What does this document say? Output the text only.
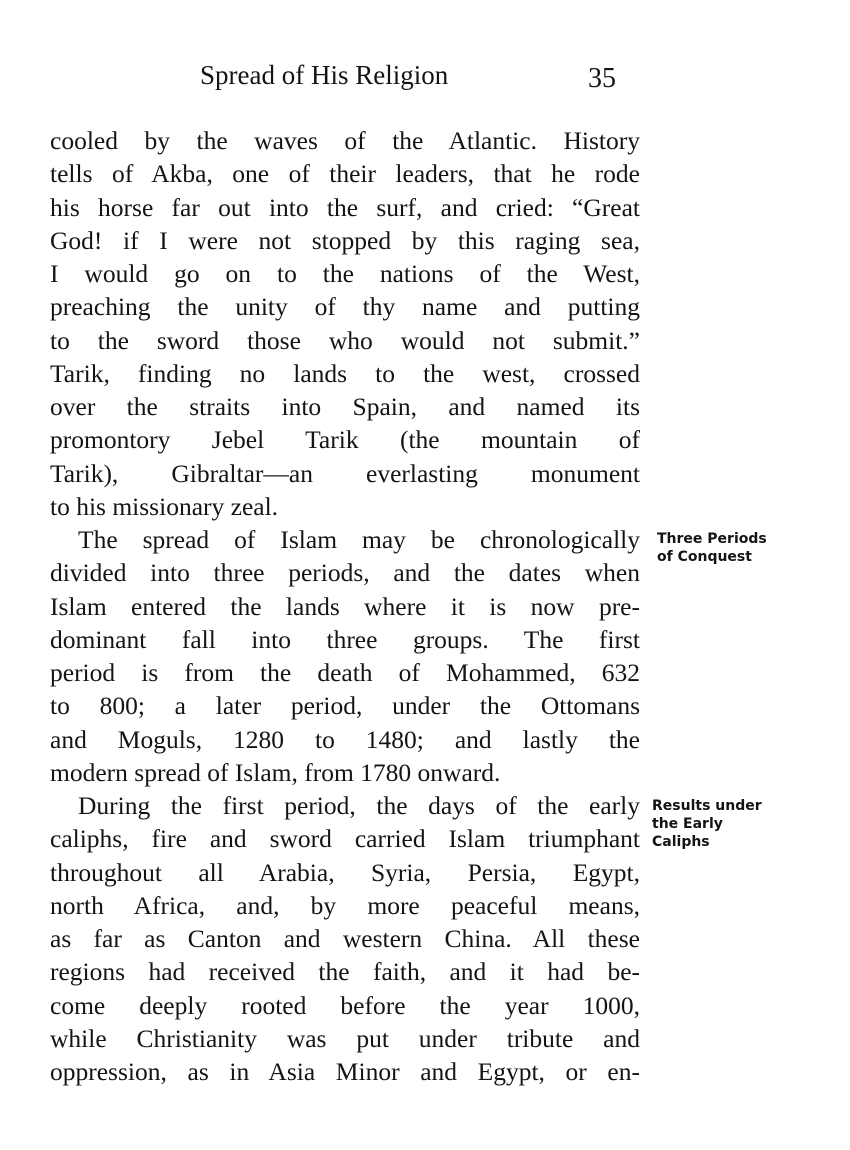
Spread of His Religion	35
cooled by the waves of the Atlantic. History
tells of Akba, one of their leaders, that he rode
his horse far out into the surf, and cried: “Great
God! if I were not stopped by this raging sea,
I would go on to the nations of the West,
preaching the unity of thy name and putting
to the sword those who would not submit.”
Tarik, finding no lands to the west, crossed
over the straits into Spain, and named its
promontory Jebel Tarik (the mountain of
Tarik), Gibraltar—an everlasting monument
to his missionary zeal.
The spread of Islam may be chronologically
divided into three periods, and the dates when
Islam entered the lands where it is now pre-
dominant fall into three groups. The first
period is from the death of Mohammed, 632
to 800; a later period, under the Ottomans
and Moguls, 1280 to 1480; and lastly the
modern spread of Islam, from 1780 onward.
During the first period, the days of the early
caliphs, fire and sword carried Islam triumphant
throughout all Arabia, Syria, Persia, Egypt,
north Africa, and, by more peaceful means,
as far as Canton and western China. All these
regions had received the faith, and it had be-
come deeply rooted before the year 1000,
while Christianity was put under tribute and
oppression, as in Asia Minor and Egypt, or en-
Three Periods
of Conquest
Results under
the Early
Caliphs
